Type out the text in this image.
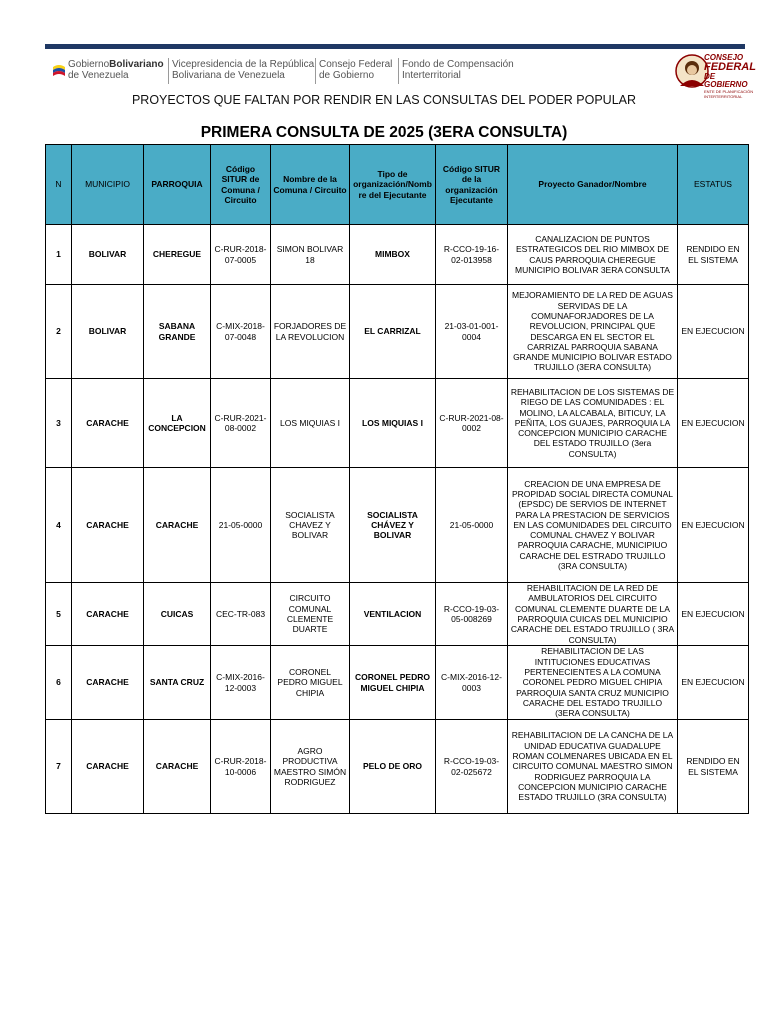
GobiernoBolivariano
de Venezuela
Vicepresidencia de la República
Bolivariana de Venezuela
Consejo Federal
de Gobierno
Fondo de Compensación
Interterritorial
CONSEJO
FEDERAL
DE GOBIERNO
ENTE DE PLANIFICACIÓN
INTERTERRITORIAL
PROYECTOS QUE FALTAN POR RENDIR EN LAS CONSULTAS DEL PODER POPULAR
PRIMERA CONSULTA DE 2025 (3ERA CONSULTA)
N	MUNICIPIO	PARROQUIA	Código SITUR de Comuna / Circuito	Nombre de la Comuna / Circuito	Tipo de organización/Nombre del Ejecutante	Código SITUR de la organización Ejecutante	Proyecto Ganador/Nombre	ESTATUS
1	BOLIVAR	CHEREGUE	C-RUR-2018-07-0005	SIMON BOLIVAR 18	MIMBOX	R-CCO-19-16-02-013958	CANALIZACION DE PUNTOS ESTRATEGICOS DEL RIO MIMBOX DE CAUS PARROQUIA CHEREGUE MUNICIPIO BOLIVAR 3ERA CONSULTA	RENDIDO EN EL SISTEMA
2	BOLIVAR	SABANA GRANDE	C-MIX-2018-07-0048	FORJADORES DE LA REVOLUCION	EL CARRIZAL	21-03-01-001-0004	MEJORAMIENTO DE LA RED DE AGUAS SERVIDAS DE LA COMUNAFORJADORES DE LA REVOLUCION, PRINCIPAL QUE DESCARGA EN EL SECTOR EL CARRIZAL PARROQUIA SABANA GRANDE MUNICIPIO BOLIVAR ESTADO TRUJILLO (3ERA CONSULTA)	EN EJECUCION
3	CARACHE	LA CONCEPCION	C-RUR-2021-08-0002	LOS MIQUIAS I	LOS MIQUIAS I	C-RUR-2021-08-0002	REHABILITACION DE LOS SISTEMAS DE RIEGO DE LAS COMUNIDADES : EL MOLINO, LA ALCABALA, BITICUY, LA PEÑITA, LOS GUAJES, PARROQUIA LA CONCEPCION MUNICIPIO CARACHE DEL ESTADO TRUJILLO (3era CONSULTA)	EN EJECUCION
4	CARACHE	CARACHE	21-05-0000	SOCIALISTA CHAVEZ Y BOLIVAR	SOCIALISTA CHÁVEZ Y BOLIVAR	21-05-0000	CREACION DE UNA EMPRESA DE PROPIDAD SOCIAL DIRECTA COMUNAL (EPSDC) DE SERVIOS DE INTERNET PARA LA PRESTACION DE SERVICIOS EN LAS COMUNIDADES DEL CIRCUITO COMUNAL CHAVEZ Y BOLIVAR PARROQUIA CARACHE, MUNICIPIUO CARACHE DEL ESTRADO TRUJILLO (3RA CONSULTA)	EN EJECUCION
5	CARACHE	CUICAS	CEC-TR-083	CIRCUITO COMUNAL CLEMENTE DUARTE	VENTILACION	R-CCO-19-03-05-008269	REHABILITACION DE LA RED DE AMBULATORIOS DEL CIRCUITO COMUNAL CLEMENTE DUARTE DE LA PARROQUIA CUICAS DEL MUNICIPIO CARACHE DEL ESTADO TRUJILLO ( 3RA CONSULTA)	EN EJECUCION
6	CARACHE	SANTA CRUZ	C-MIX-2016-12-0003	CORONEL PEDRO MIGUEL CHIPIA	CORONEL PEDRO MIGUEL CHIPIA	C-MIX-2016-12-0003	REHABILITACION DE LAS INTITUCIONES EDUCATIVAS PERTENECIENTES A LA COMUNA CORONEL PEDRO MIGUEL CHIPIA PARROQUIA SANTA CRUZ MUNICIPIO CARACHE DEL ESTADO TRUJILLO (3ERA CONSULTA)	EN EJECUCION
7	CARACHE	CARACHE	C-RUR-2018-10-0006	AGRO PRODUCTIVA MAESTRO SIMÓN RODRIGUEZ	PELO DE ORO	R-CCO-19-03-02-025672	REHABILITACION DE LA CANCHA DE LA UNIDAD EDUCATIVA GUADALUPE ROMAN COLMENARES UBICADA EN EL CIRCUITO COMUNAL MAESTRO SIMON RODRIGUEZ PARROQUIA LA CONCEPCION MUNICIPIO CARACHE ESTADO TRUJILLO (3RA CONSULTA)	RENDIDO EN EL SISTEMA
